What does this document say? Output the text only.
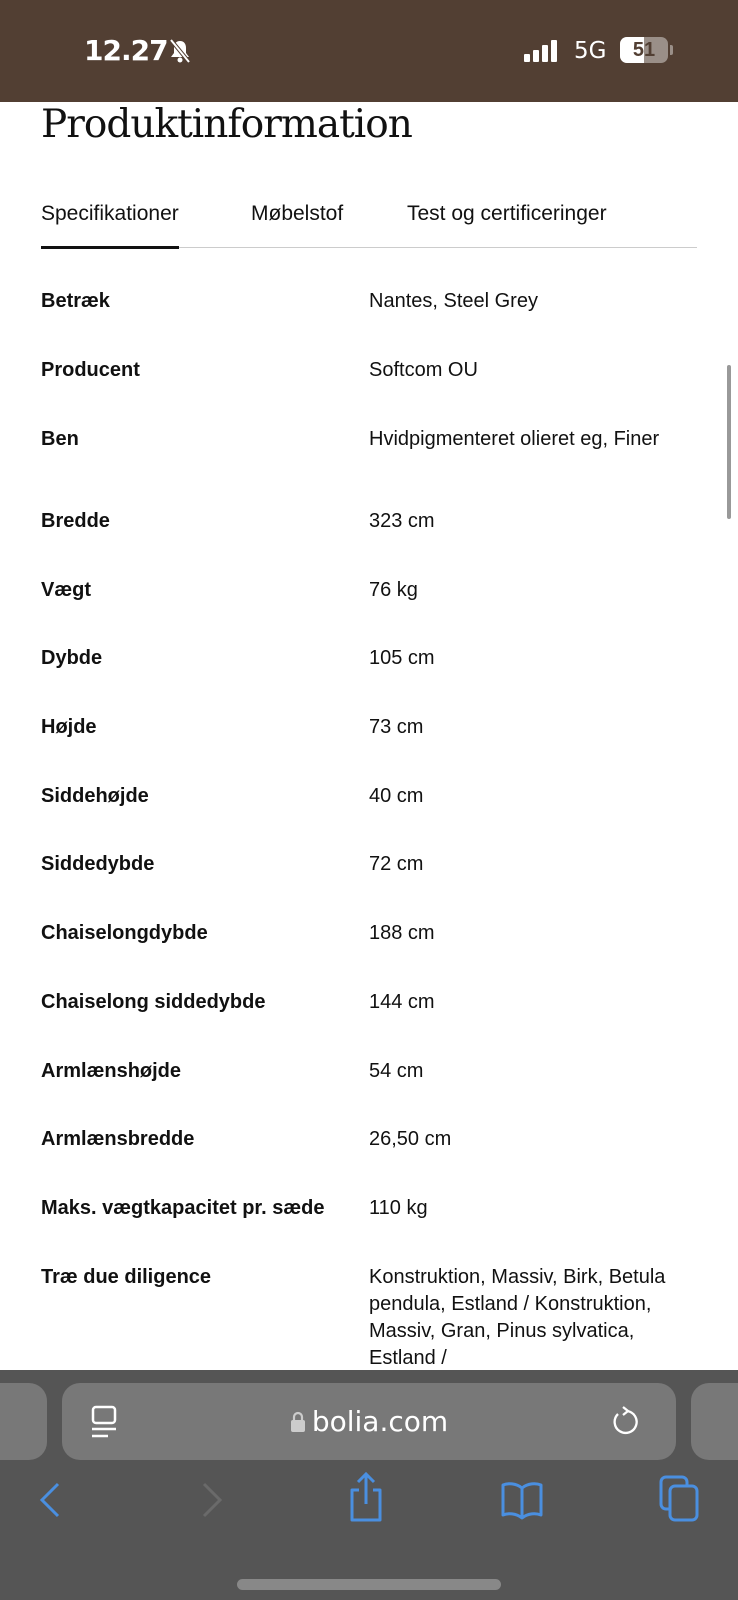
12.27	5G	51
Produktinformation
Specifikationer	Møbelstof	Test og certificeringer
Betræk	Nantes, Steel Grey
Producent	Softcom OU
Ben	Hvidpigmenteret olieret eg, Finer
Bredde	323 cm
Vægt	76 kg
Dybde	105 cm
Højde	73 cm
Siddehøjde	40 cm
Siddedybde	72 cm
Chaiselongdybde	188 cm
Chaiselong siddedybde	144 cm
Armlænshøjde	54 cm
Armlænsbredde	26,50 cm
Maks. vægtkapacitet pr. sæde	110 kg
Træ due diligence	Konstruktion, Massiv, Birk, Betula pendula, Estland / Konstruktion, Massiv, Gran, Pinus sylvatica, Estland /
bolia.com
